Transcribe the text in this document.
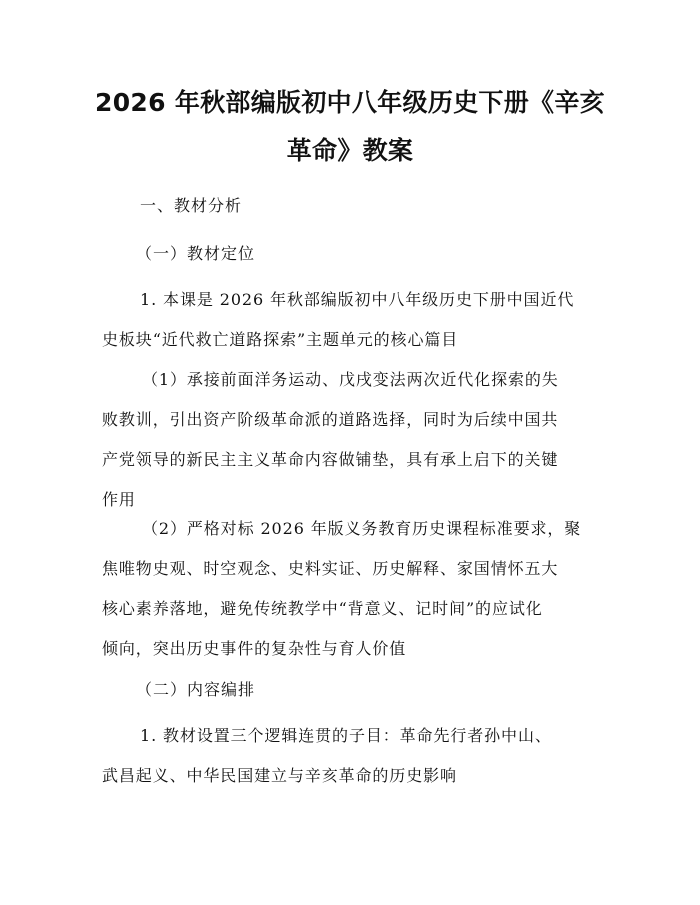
2026 年秋部编版初中八年级历史下册《辛亥
革命》教案
一、教材分析
（一）教材定位
1. 本课是 2026 年秋部编版初中八年级历史下册中国近代
史板块“近代救亡道路探索”主题单元的核心篇目
（1）承接前面洋务运动、戊戌变法两次近代化探索的失
败教训，引出资产阶级革命派的道路选择，同时为后续中国共
产党领导的新民主主义革命内容做铺垫，具有承上启下的关键
作用
（2）严格对标 2026 年版义务教育历史课程标准要求，聚
焦唯物史观、时空观念、史料实证、历史解释、家国情怀五大
核心素养落地，避免传统教学中“背意义、记时间”的应试化
倾向，突出历史事件的复杂性与育人价值
（二）内容编排
1. 教材设置三个逻辑连贯的子目：革命先行者孙中山、
武昌起义、中华民国建立与辛亥革命的历史影响
